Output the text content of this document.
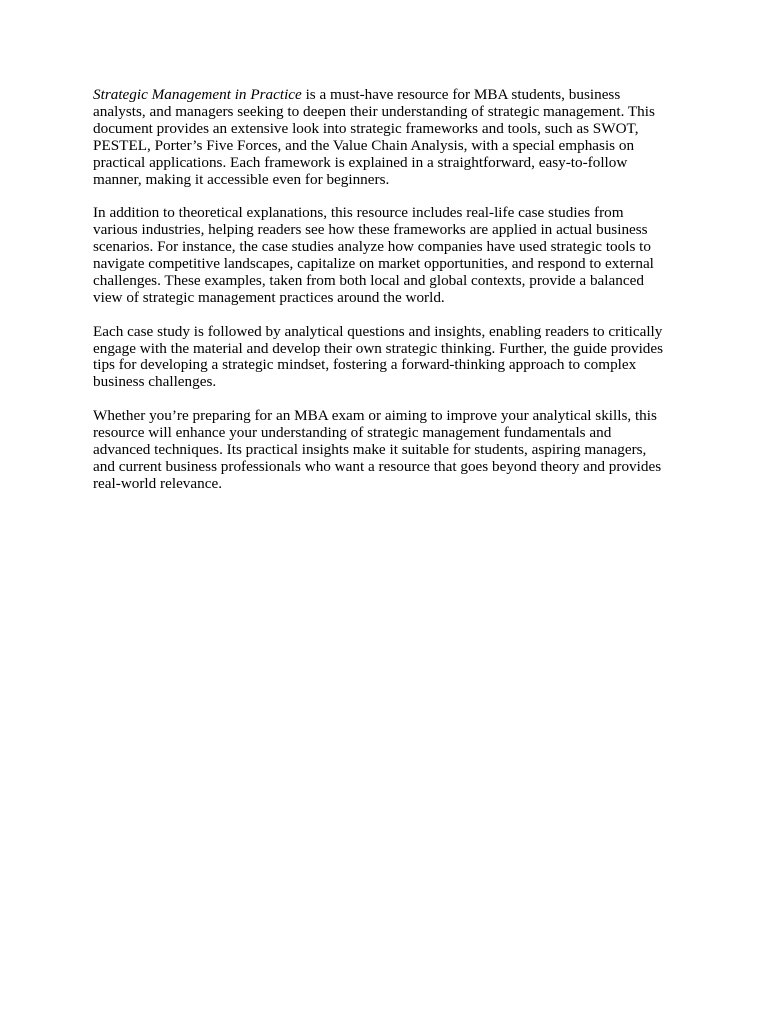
Strategic Management in Practice is a must-have resource for MBA students, business
analysts, and managers seeking to deepen their understanding of strategic management. This
document provides an extensive look into strategic frameworks and tools, such as SWOT,
PESTEL, Porter’s Five Forces, and the Value Chain Analysis, with a special emphasis on
practical applications. Each framework is explained in a straightforward, easy-to-follow
manner, making it accessible even for beginners.

In addition to theoretical explanations, this resource includes real-life case studies from
various industries, helping readers see how these frameworks are applied in actual business
scenarios. For instance, the case studies analyze how companies have used strategic tools to
navigate competitive landscapes, capitalize on market opportunities, and respond to external
challenges. These examples, taken from both local and global contexts, provide a balanced
view of strategic management practices around the world.

Each case study is followed by analytical questions and insights, enabling readers to critically
engage with the material and develop their own strategic thinking. Further, the guide provides
tips for developing a strategic mindset, fostering a forward-thinking approach to complex
business challenges.

Whether you’re preparing for an MBA exam or aiming to improve your analytical skills, this
resource will enhance your understanding of strategic management fundamentals and
advanced techniques. Its practical insights make it suitable for students, aspiring managers,
and current business professionals who want a resource that goes beyond theory and provides
real-world relevance.
